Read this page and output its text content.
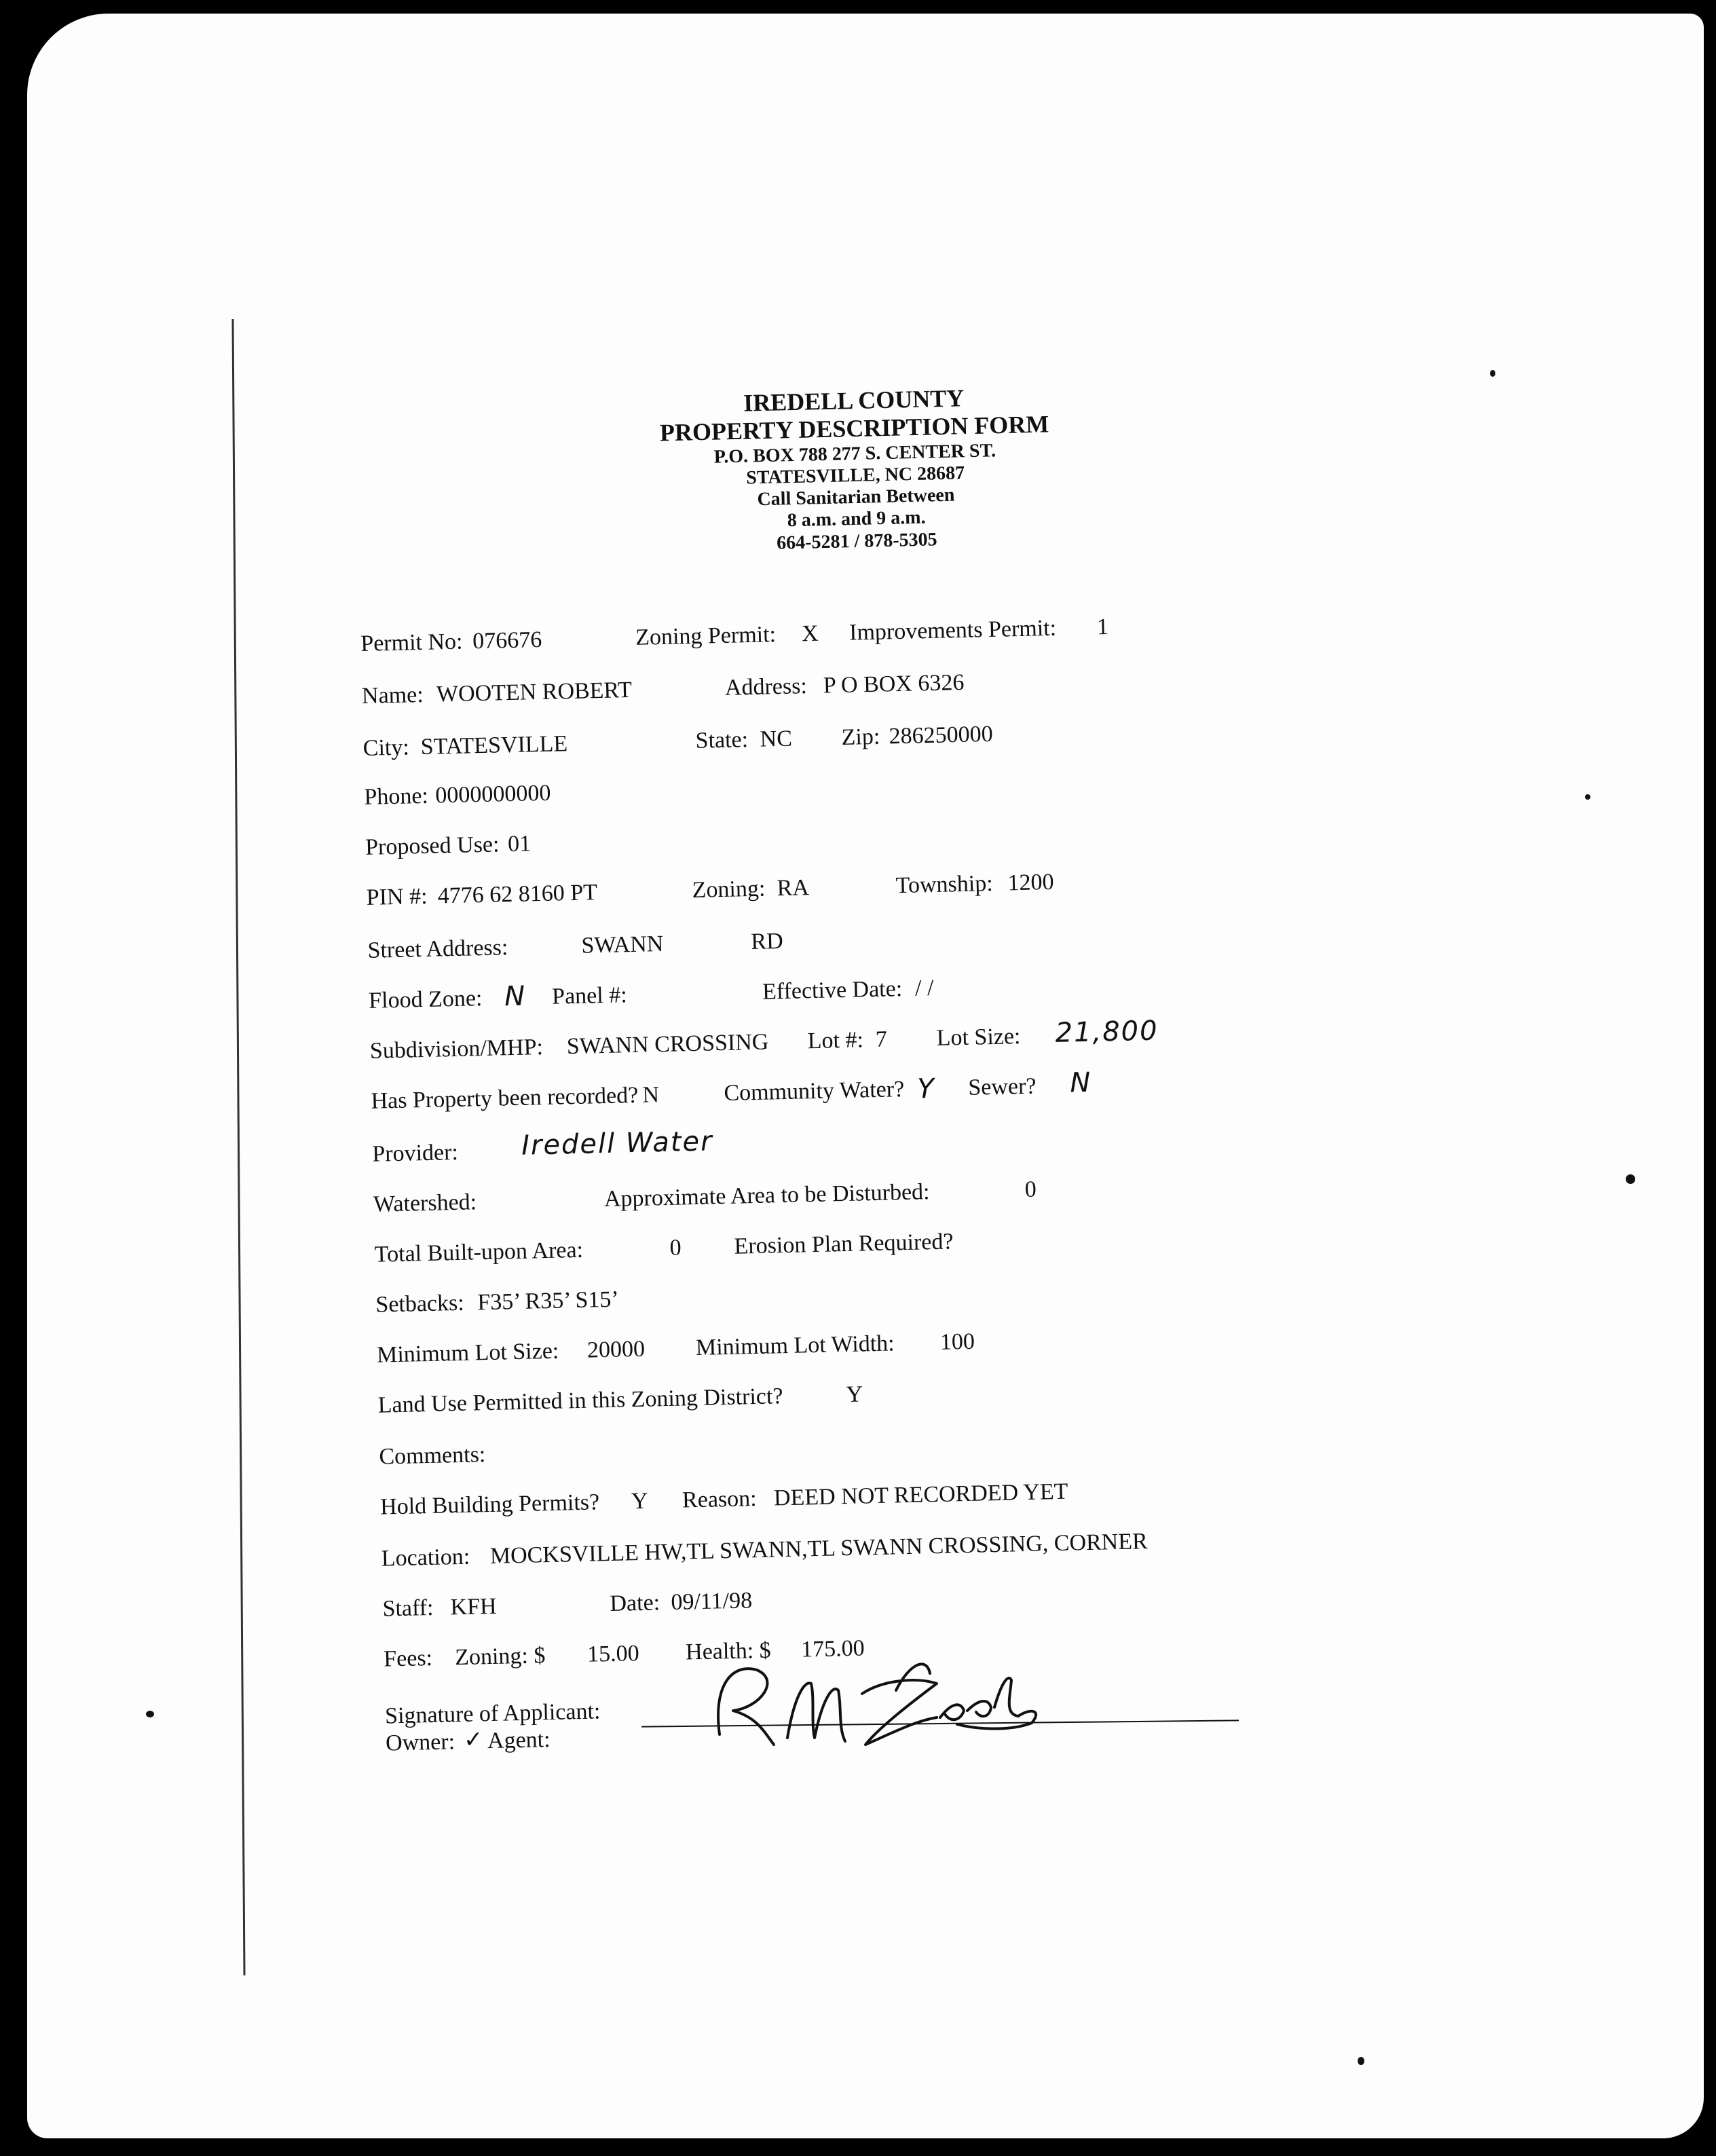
IREDELL COUNTY
PROPERTY DESCRIPTION FORM
P.O. BOX 788 277 S. CENTER ST.
STATESVILLE, NC 28687
Call Sanitarian Between
8 a.m. and 9 a.m.
664-5281 / 878-5305
Permit No: 076676	Zoning Permit: X Improvements Permit: 1
Name: WOOTEN ROBERT	Address: P O BOX 6326
City: STATESVILLE	State: NC Zip: 286250000
Phone: 0000000000
Proposed Use: 01
PIN #: 4776 62 8160 PT	Zoning: RA	Township: 1200
Street Address:	SWANN	RD
Flood Zone: N Panel #:	Effective Date: / /
Subdivision/MHP: SWANN CROSSING Lot #: 7 Lot Size: 21,800
Has Property been recorded? N	Community Water? Y Sewer? N
Provider: Iredell Water
Watershed:	Approximate Area to be Disturbed:	0
Total Built-upon Area:	0 Erosion Plan Required?
Setbacks: F35’ R35’ S15’
Minimum Lot Size: 20000 Minimum Lot Width: 100
Land Use Permitted in this Zoning District?	Y
Comments:
Hold Building Permits? Y Reason: DEED NOT RECORDED YET
Location: MOCKSVILLE HW,TL SWANN,TL SWANN CROSSING, CORNER
Staff: KFH	Date: 09/11/98
Fees: Zoning: $ 15.00 Health: $ 175.00
Signature of Applicant:
Owner: ✓ Agent:
